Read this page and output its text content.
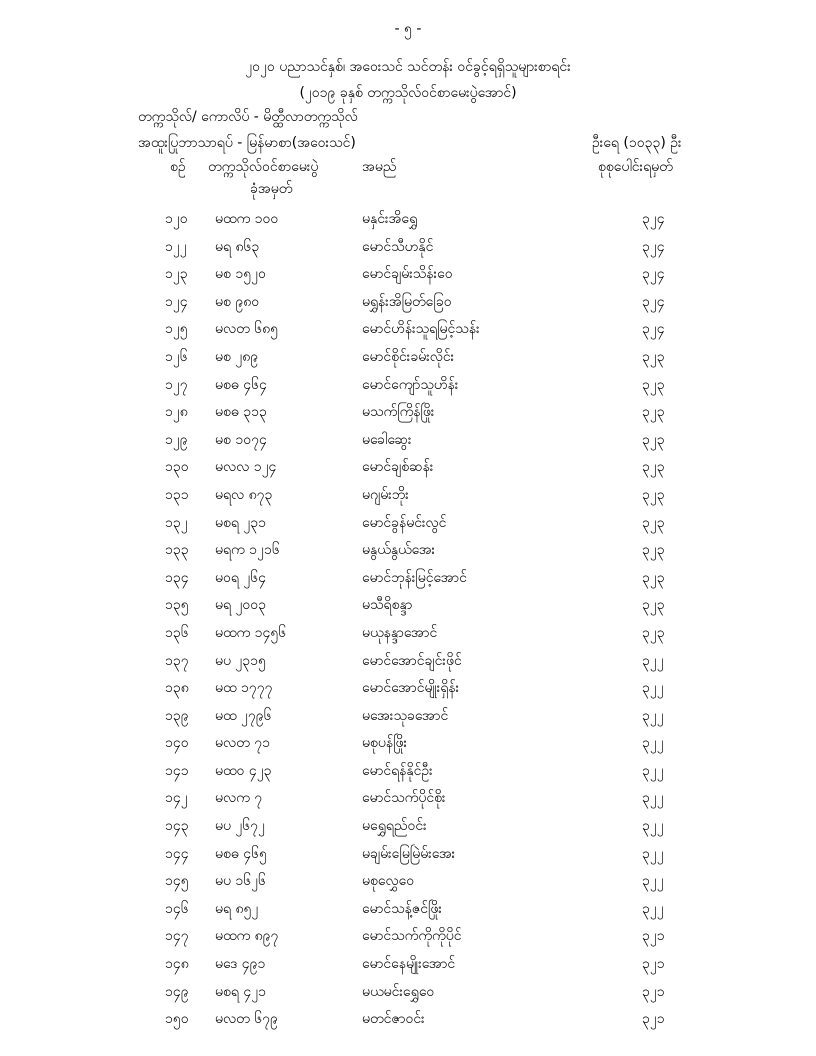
- ၅ -
၂၀၂၀ ပညာသင်နှစ်၊ အဝေးသင် သင်တန်း ဝင်ခွင့်ရရှိသူများစာရင်း
(၂၀၁၉ ခုနှစ် တက္ကသိုလ်ဝင်စာမေးပွဲအောင်)
တက္ကသိုလ်/ ကောလိပ် - မိတ္ထီလာတက္ကသိုလ်
အထူးပြုဘာသာရပ် - မြန်မာစာ(အဝေးသင်)	ဦးရေ (၁၀၃၃) ဦး
စဉ် တက္ကသိုလ်ဝင်စာမေးပွဲ
ခုံအမှတ်
အမည်	စုစုပေါင်းရမှတ်
၁၂၀ မထက ၁၀၀	မနှင်းအိရွှေ	၃၂၄
၁၂၂ မရ ၈၆၃	မောင်သီဟနိုင်	၃၂၄
၁၂၃ မစ ၁၅၂၀	မောင်ချမ်းသိန်းဝေ	၃၂၄
၁၂၄ မစ ၉၈၀	မရွှန်းအိမြတ်ခြေဝ	၃၂၄
၁၂၅ မလတ ၆၈၅	မောင်ဟိန်းသူရမြင့်သန်း	၃၂၄
၁၂၆ မစ ၂၈၉	မောင်စိုင်းခမ်းလိုင်း	၃၂၃
၁၂၇ မစဓ ၄၆၄	မောင်ကျော်သူဟိန်း	၃၂၃
၁၂၈ မစဓ ၃၁၃	မသက်ကြိန်ဖြိုး	၃၂၃
၁၂၉ မစ ၁၀၇၄	မခေါဆွေး	၃၂၃
၁၃၀ မလလ ၁၂၄	မောင်ချစ်ဆန်း	၃၂၃
၁၃၁ မရလ ၈၇၃	မဂျမ်းဘိုး	၃၂၃
၁၃၂ မစရ ၂၃၁	မောင်ခွန်မင်းလွင်	၃၂၃
၁၃၃ မရက ၁၂၁၆	မနွယ်နွယ်အေး	၃၂၃
၁၃၄ မဝရ ၂၆၄	မောင်ဘုန်းမြင့်အောင်	၃၂၃
၁၃၅ မရ ၂၀၀၃	မသီရိစန္ဒာ	၃၂၃
၁၃၆ မထက ၁၄၅၆	မယုနန္ဒာအောင်	၃၂၃
၁၃၇ မပ ၂၃၁၅	မောင်အောင်ချင်းဖိုင်	၃၂၂
၁၃၈ မထ ၁၇၇၇	မောင်အောင်မျိုးရှိန်း	၃၂၂
၁၃၉ မထ ၂၇၉၆	မအေးသုခအောင်	၃၂၂
၁၄၀ မလတ ၇၁	မစုပန်ဖြိုး	၃၂၂
၁၄၁ မထဝ ၄၂၃	မောင်ရန်နိုင်ဦး	၃၂၂
၁၄၂ မလက ၇	မောင်သက်ပိုင်စိုး	၃၂၂
၁၄၃ မပ ၂၆၇၂	မရွှေရည်ဝင်း	၃၂၂
၁၄၄ မစဓ ၄၆၅	မချမ်းမြေမြဲမ်းအေး	၃၂၂
၁၄၅ မပ ၁၆၂၆	မစုလွှေဝေ	၃၂၂
၁၄၆ မရ ၈၅၂	မောင်သန့်ဇင်ဖြိုး	၃၂၂
၁၄၇ မထက ၈၉၇	မောင်သက်ကိုကိုပိုင်	၃၂၁
၁၄၈ မဒေ ၄၉၁	မောင်နေမျိုးအောင်	၃၂၁
၁၄၉ မစရ ၄၂၁	မယမင်းရွှေဝေ	၃၂၁
၁၅၀ မလတ ၆၇၉	မတင်ဇာဝင်း	၃၂၁
